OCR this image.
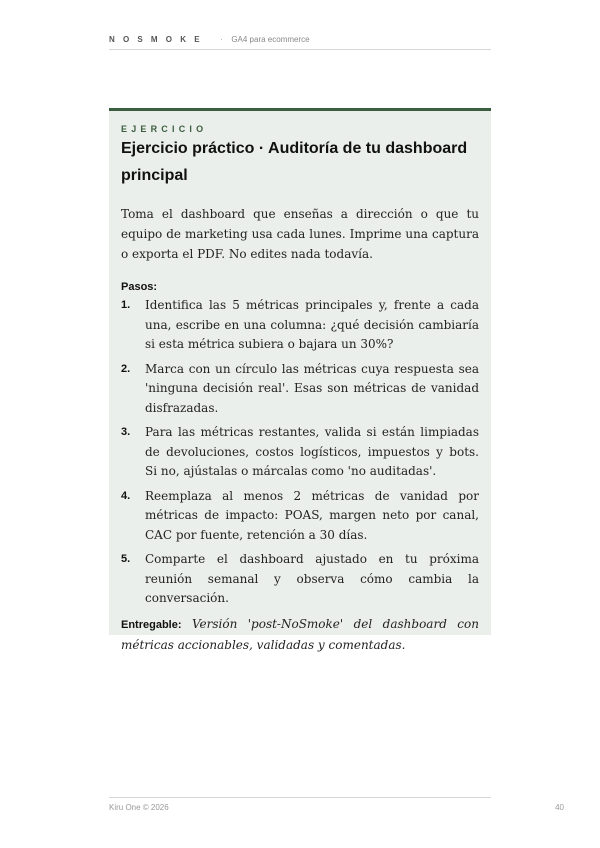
NOSMOKE · $^{GA4 para ecommerce}$
EJERCICIO
Ejercicio práctico · Auditoría de tu dashboard principal

Toma el dashboard que enseñas a dirección o que tu equipo de marketing usa cada lunes. Imprime una captura o exporta el PDF. No edites nada todavía.

Pasos:
1. Identifica las 5 métricas principales y, frente a cada una, escribe en una columna: ¿qué decisión cambiaría si esta métrica subiera o bajara un 30%?
2. Marca con un círculo las métricas cuya respuesta sea 'ninguna decisión real'. Esas son métricas de vanidad disfrazadas.
3. Para las métricas restantes, valida si están limpiadas de devoluciones, costos logísticos, impuestos y bots. Si no, ajústalas o márcalas como 'no auditadas'.
4. Reemplaza al menos 2 métricas de vanidad por métricas de impacto: POAS, margen neto por canal, CAC por fuente, retención a 30 días.
5. Comparte el dashboard ajustado en tu próxima reunión semanal y observa cómo cambia la conversación.

Entregable: Versión 'post-NoSmoke' del dashboard con métricas accionables, validadas y comentadas.

Kiru One © 2026	40
